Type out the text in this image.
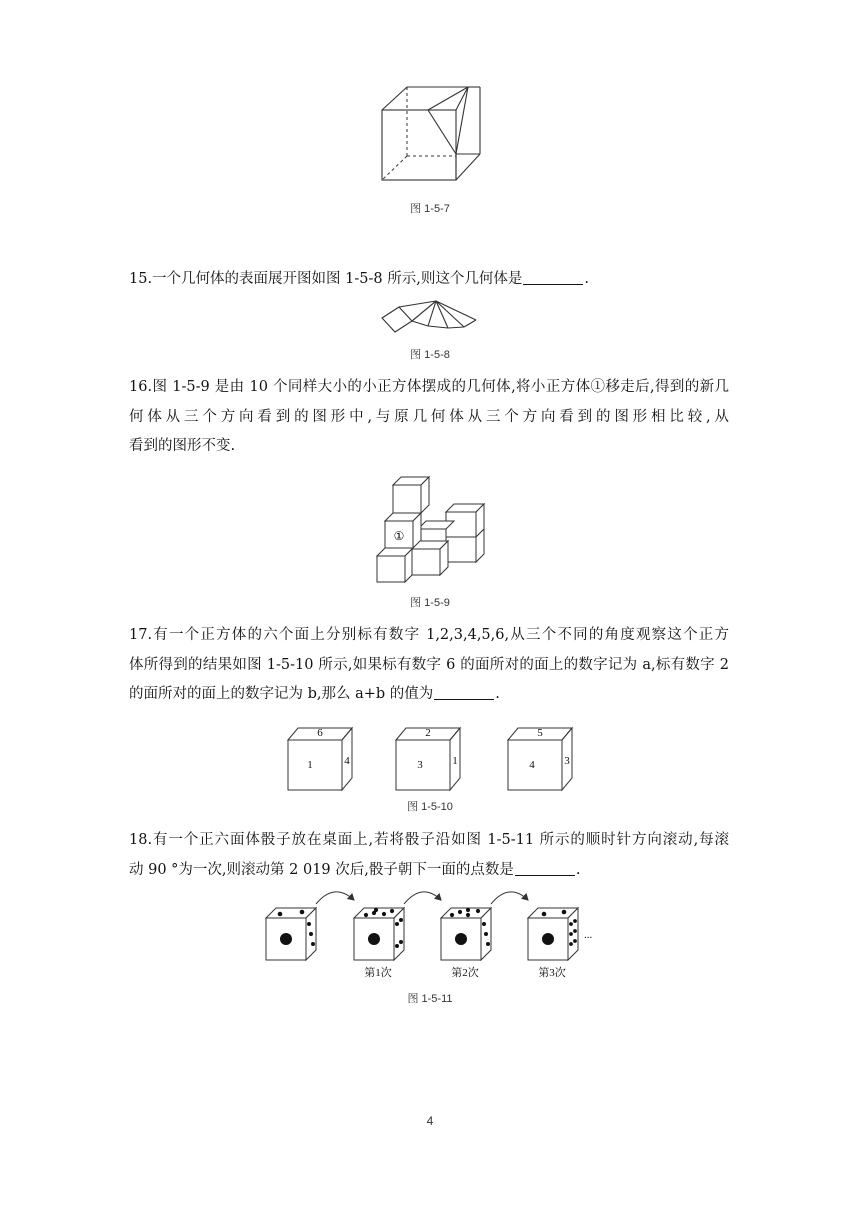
图 1-5-7

15.一个几何体的表面展开图如图 1-5-8 所示,则这个几何体是	.

图 1-5-8

16.图 1-5-9 是由 10 个同样大小的小正方体摆成的几何体,将小正方体①移走后,得到的新几

何体从三个方向看到的图形中,与原几何体从三个方向看到的图形相比较,从

看到的图形不变.

①
图 1-5-9

17.有一个正方体的六个面上分别标有数字 1,2,3,4,5,6,从三个不同的角度观察这个正方

体所得到的结果如图 1-5-10 所示,如果标有数字 6 的面所对的面上的数字记为 a,标有数字 2

的面所对的面上的数字记为 b,那么 a+b 的值为	.

6
1	4
2
3	1
5
4	3
图 1-5-10

18.有一个正六面体骰子放在桌面上,若将骰子沿如图 1-5-11 所示的顺时针方向滚动,每滚

动 90 °为一次,则滚动第 2 019 次后,骰子朝下一面的点数是	.

...
第1次	第2次	第3次
图 1-5-11
4
